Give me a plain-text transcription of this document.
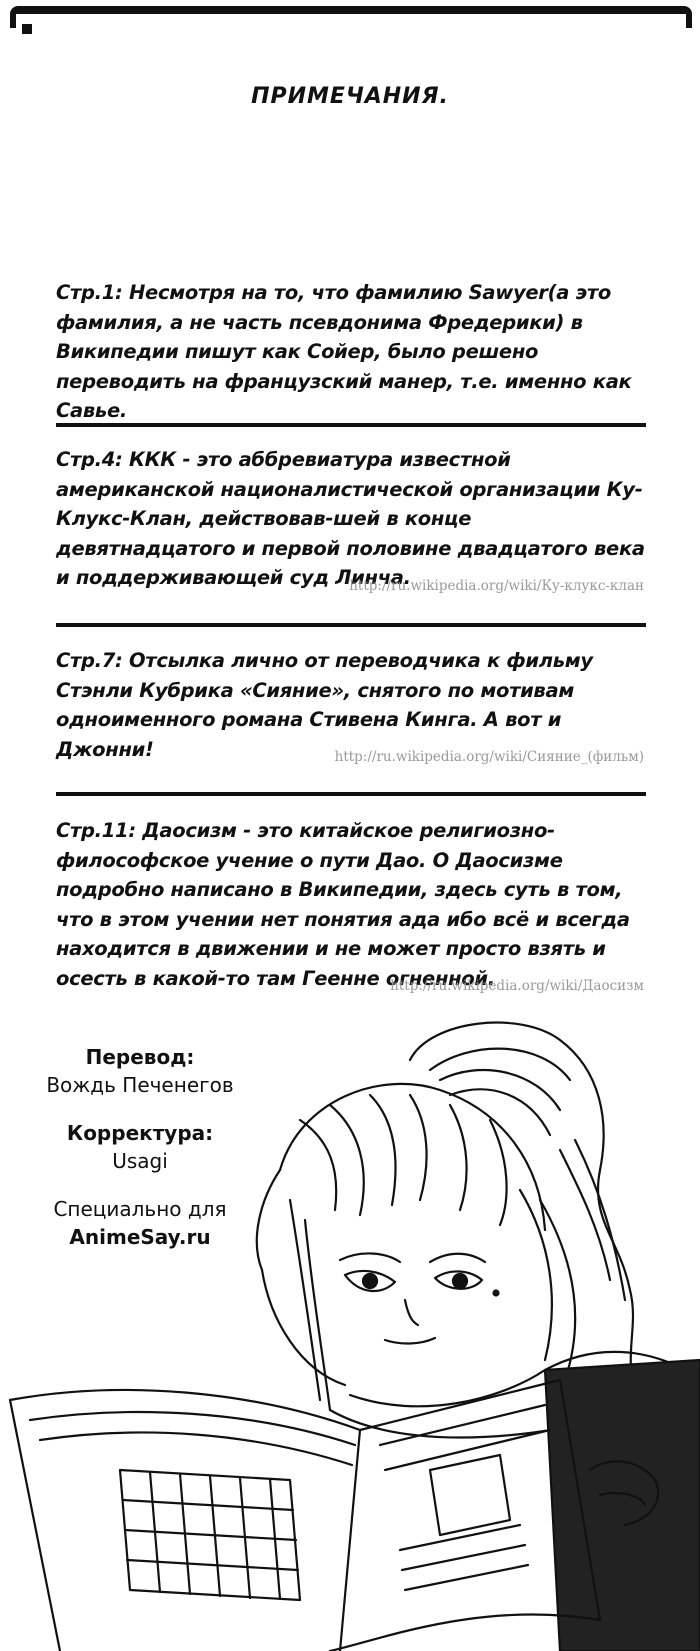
ПРИМЕЧАНИЯ.
Стр.1: Несмотря на то, что фамилию Sawyer(а это фамилия, а не часть псевдонима Фредерики) в Википедии пишут как Сойер, было решено переводить на французский манер, т.е. именно как Савье.
Стр.4: ККК - это аббревиатура известной американской националистической организации Ку-Клукс-Клан, действовав-шей в конце девятнадцатого и первой половине двадцатого века и поддерживающей суд Линча.
http://ru.wikipedia.org/wiki/Ку-клукс-клан
Стр.7: Отсылка лично от переводчика к фильму Стэнли Кубрика «Сияние», снятого по мотивам одноименного романа Стивена Кинга. А вот и Джонни!	http://ru.wikipedia.org/wiki/Сияние_(фильм)
Стр.11: Даосизм - это китайское религиозно-философское учение о пути Дао. О Даосизме подробно написано в Википедии, здесь суть в том, что в этом учении нет понятия ада ибо всё и всегда находится в движении и не может просто взять и осесть в какой-то там Геенне огненной.
http://ru.wikipedia.org/wiki/Даосизм
Перевод:
Вождь Печенегов
Корректура:
Usagi
Специально для
AnimeSay.ru
